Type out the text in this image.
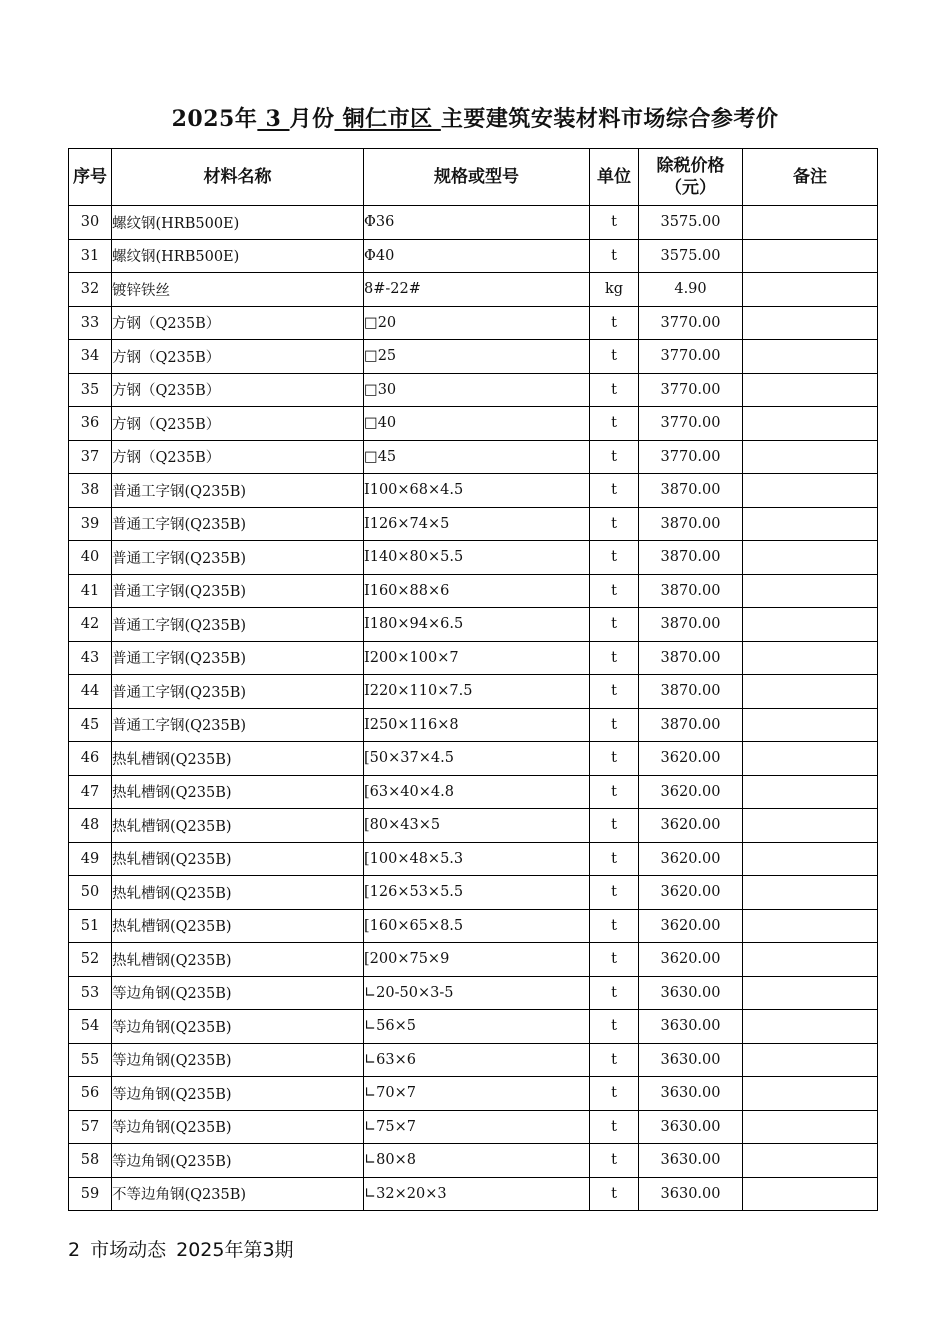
2025年 3 月份 铜仁市区 主要建筑安装材料市场综合参考价
序号	材料名称	规格或型号	单位	除税价格（元）	备注
30	螺纹钢(HRB500E)	Φ36	t	3575.00	
31	螺纹钢(HRB500E)	Φ40	t	3575.00	
32	镀锌铁丝	8#-22#	kg	4.90	
33	方钢（Q235B）	□20	t	3770.00	
34	方钢（Q235B）	□25	t	3770.00	
35	方钢（Q235B）	□30	t	3770.00	
36	方钢（Q235B）	□40	t	3770.00	
37	方钢（Q235B）	□45	t	3770.00	
38	普通工字钢(Q235B)	I100×68×4.5	t	3870.00	
39	普通工字钢(Q235B)	I126×74×5	t	3870.00	
40	普通工字钢(Q235B)	I140×80×5.5	t	3870.00	
41	普通工字钢(Q235B)	I160×88×6	t	3870.00	
42	普通工字钢(Q235B)	I180×94×6.5	t	3870.00	
43	普通工字钢(Q235B)	I200×100×7	t	3870.00	
44	普通工字钢(Q235B)	I220×110×7.5	t	3870.00	
45	普通工字钢(Q235B)	I250×116×8	t	3870.00	
46	热轧槽钢(Q235B)	[50×37×4.5	t	3620.00	
47	热轧槽钢(Q235B)	[63×40×4.8	t	3620.00	
48	热轧槽钢(Q235B)	[80×43×5	t	3620.00	
49	热轧槽钢(Q235B)	[100×48×5.3	t	3620.00	
50	热轧槽钢(Q235B)	[126×53×5.5	t	3620.00	
51	热轧槽钢(Q235B)	[160×65×8.5	t	3620.00	
52	热轧槽钢(Q235B)	[200×75×9	t	3620.00	
53	等边角钢(Q235B)	∟20-50×3-5	t	3630.00	
54	等边角钢(Q235B)	∟56×5	t	3630.00	
55	等边角钢(Q235B)	∟63×6	t	3630.00	
56	等边角钢(Q235B)	∟70×7	t	3630.00	
57	等边角钢(Q235B)	∟75×7	t	3630.00	
58	等边角钢(Q235B)	∟80×8	t	3630.00	
59	不等边角钢(Q235B)	∟32×20×3	t	3630.00	
2 市场动态 2025年第3期
